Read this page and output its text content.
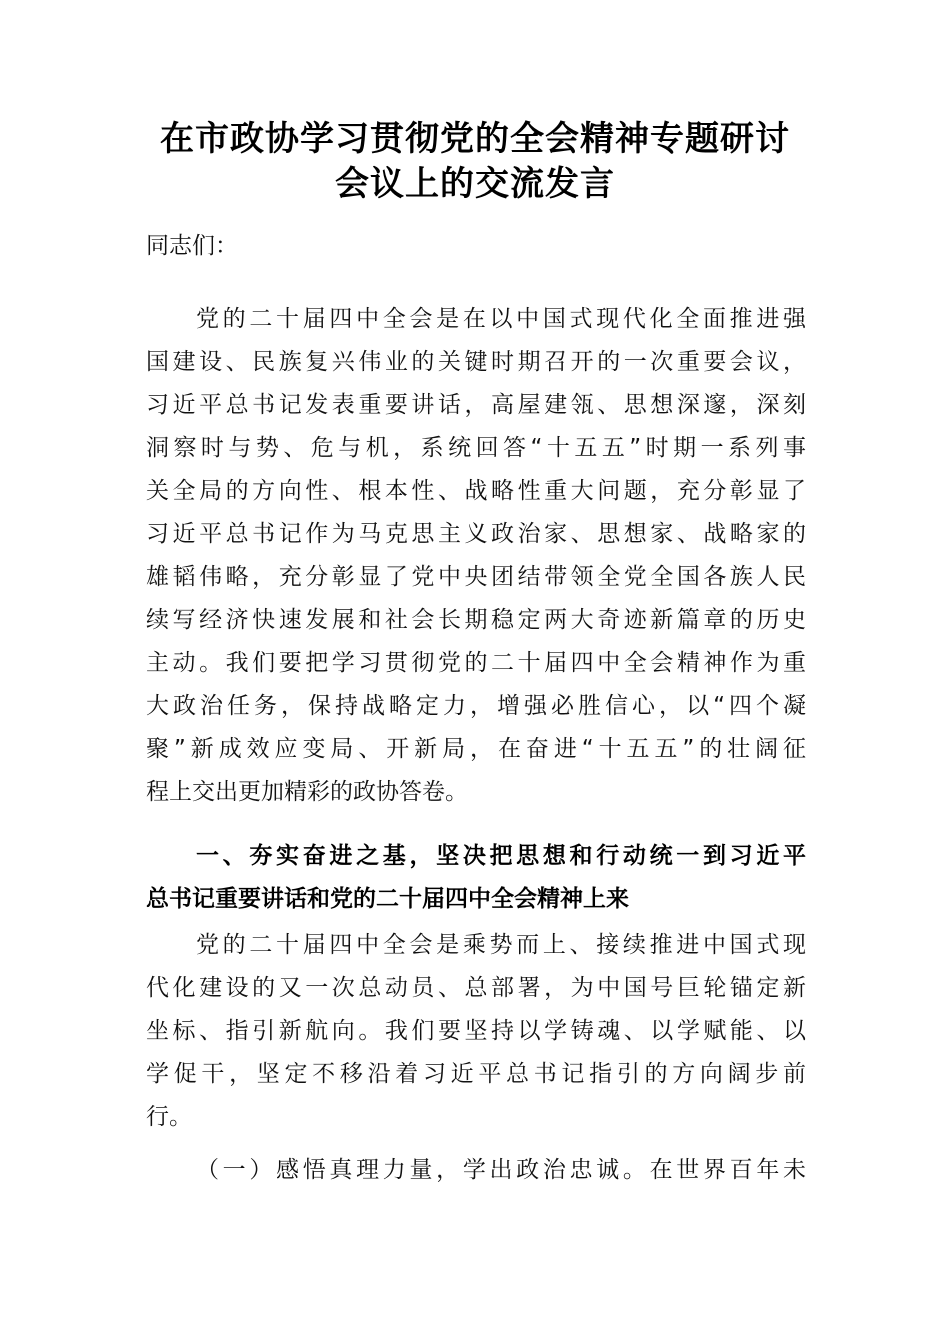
在市政协学习贯彻党的全会精神专题研讨
会议上的交流发言
同志们：
党的二十届四中全会是在以中国式现代化全面推进强
国建设、民族复兴伟业的关键时期召开的一次重要会议，
习近平总书记发表重要讲话，高屋建瓴、思想深邃，深刻
洞察时与势、危与机，系统回答“十五五”时期一系列事
关全局的方向性、根本性、战略性重大问题，充分彰显了
习近平总书记作为马克思主义政治家、思想家、战略家的
雄韬伟略，充分彰显了党中央团结带领全党全国各族人民
续写经济快速发展和社会长期稳定两大奇迹新篇章的历史
主动。我们要把学习贯彻党的二十届四中全会精神作为重
大政治任务，保持战略定力，增强必胜信心，以“四个凝
聚”新成效应变局、开新局，在奋进“十五五”的壮阔征
程上交出更加精彩的政协答卷。
一、夯实奋进之基，坚决把思想和行动统一到习近平
总书记重要讲话和党的二十届四中全会精神上来
党的二十届四中全会是乘势而上、接续推进中国式现
代化建设的又一次总动员、总部署，为中国号巨轮锚定新
坐标、指引新航向。我们要坚持以学铸魂、以学赋能、以
学促干，坚定不移沿着习近平总书记指引的方向阔步前
行。
（一）感悟真理力量，学出政治忠诚。在世界百年未
